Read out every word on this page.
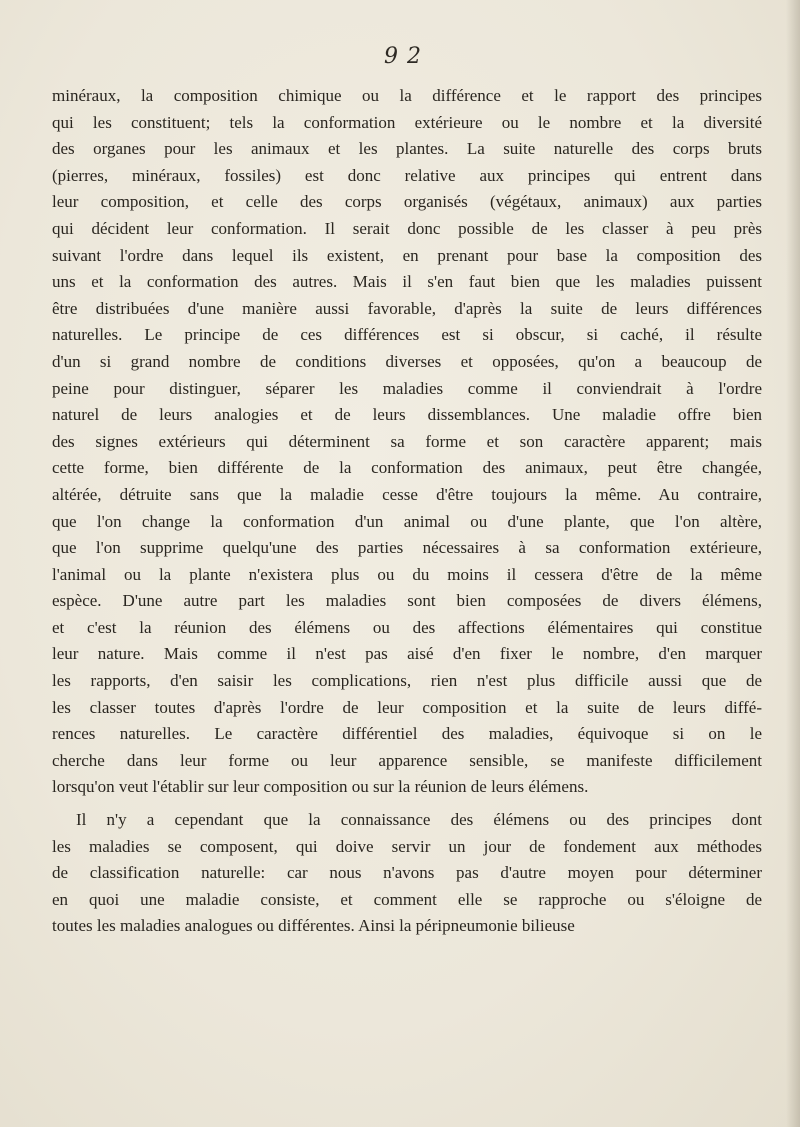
9 2
minéraux, la composition chimique ou la différence et le rapport des principes
qui les constituent; tels la conformation extérieure ou le nombre et la diversité
des organes pour les animaux et les plantes. La suite naturelle des corps bruts
(pierres, minéraux, fossiles) est donc relative aux principes qui entrent dans
leur composition, et celle des corps organisés (végétaux, animaux) aux parties
qui décident leur conformation. Il serait donc possible de les classer à peu près
suivant l'ordre dans lequel ils existent, en prenant pour base la composition des
uns et la conformation des autres. Mais il s'en faut bien que les maladies puissent
être distribuées d'une manière aussi favorable, d'après la suite de leurs différences
naturelles. Le principe de ces différences est si obscur, si caché, il résulte
d'un si grand nombre de conditions diverses et opposées, qu'on a beaucoup de
peine pour distinguer, séparer les maladies comme il conviendrait à l'ordre
naturel de leurs analogies et de leurs dissemblances. Une maladie offre bien
des signes extérieurs qui déterminent sa forme et son caractère apparent; mais
cette forme, bien différente de la conformation des animaux, peut être changée,
altérée, détruite sans que la maladie cesse d'être toujours la même. Au contraire,
que l'on change la conformation d'un animal ou d'une plante, que l'on altère,
que l'on supprime quelqu'une des parties nécessaires à sa conformation extérieure,
l'animal ou la plante n'existera plus ou du moins il cessera d'être de la même
espèce. D'une autre part les maladies sont bien composées de divers élémens,
et c'est la réunion des élémens ou des affections élémentaires qui constitue
leur nature. Mais comme il n'est pas aisé d'en fixer le nombre, d'en marquer
les rapports, d'en saisir les complications, rien n'est plus difficile aussi que de
les classer toutes d'après l'ordre de leur composition et la suite de leurs diffé-
rences naturelles. Le caractère différentiel des maladies, équivoque si on le
cherche dans leur forme ou leur apparence sensible, se manifeste difficilement
lorsqu'on veut l'établir sur leur composition ou sur la réunion de leurs élémens.
Il n'y a cependant que la connaissance des élémens ou des principes dont
les maladies se composent, qui doive servir un jour de fondement aux méthodes
de classification naturelle: car nous n'avons pas d'autre moyen pour déterminer
en quoi une maladie consiste, et comment elle se rapproche ou s'éloigne de
toutes les maladies analogues ou différentes. Ainsi la péripneumonie bilieuse
